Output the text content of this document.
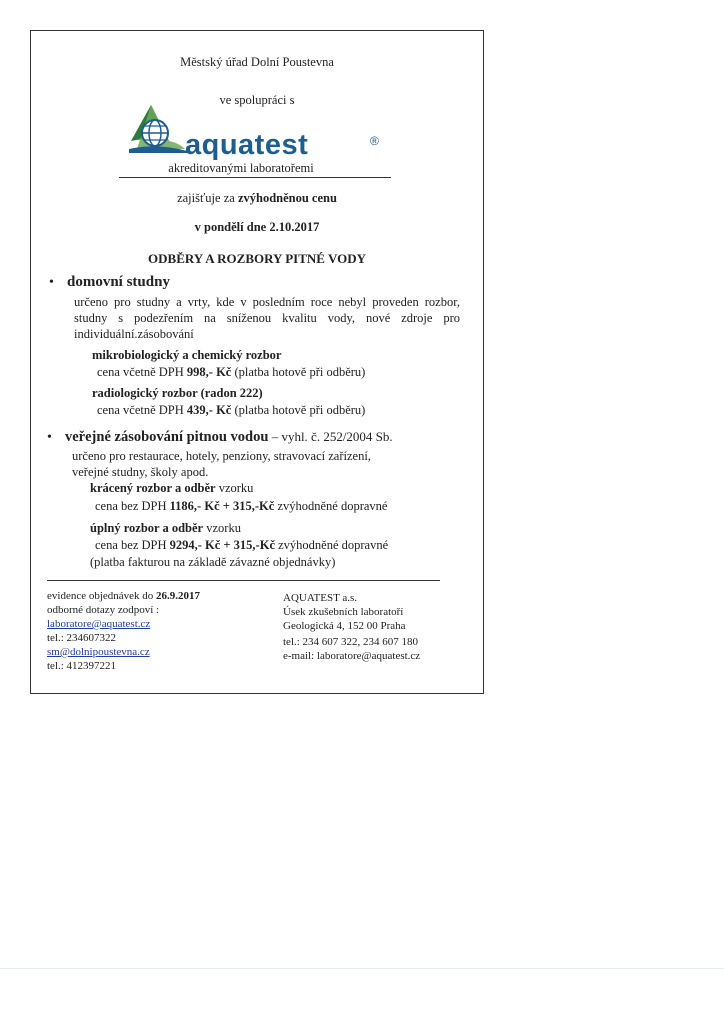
Městský úřad Dolní Poustevna
ve spolupráci s
aquatest	®
akreditovanými laboratořemi
zajišťuje za zvýhodněnou cenu
v pondělí dne 2.10.2017
ODBĚRY A ROZBORY PITNÉ VODY
• domovní studny
určeno pro studny a vrty, kde v posledním roce nebyl proveden rozbor, studny s podezřením na sníženou kvalitu vody, nové zdroje pro individuální.zásobování
mikrobiologický a chemický rozbor
cena včetně DPH 998,- Kč (platba hotově při odběru)
radiologický rozbor (radon 222)
cena včetně DPH 439,- Kč (platba hotově při odběru)
• veřejné zásobování pitnou vodou – vyhl. č. 252/2004 Sb.
určeno pro restaurace, hotely, penziony, stravovací zařízení,
veřejné studny, školy apod.
krácený rozbor a odběr vzorku
cena bez DPH 1186,- Kč + 315,-Kč zvýhodněné dopravné
úplný rozbor a odběr vzorku
cena bez DPH 9294,- Kč + 315,-Kč zvýhodněné dopravné
(platba fakturou na základě závazné objednávky)
evidence objednávek do 26.9.2017
odborné dotazy zodpoví :
laboratore@aquatest.cz
tel.: 234607322
sm@dolnipoustevna.cz
tel.: 412397221
AQUATEST a.s.
Úsek zkušebních laboratoří
Geologická 4, 152 00 Praha
tel.: 234 607 322, 234 607 180
e-mail: laboratore@aquatest.cz
